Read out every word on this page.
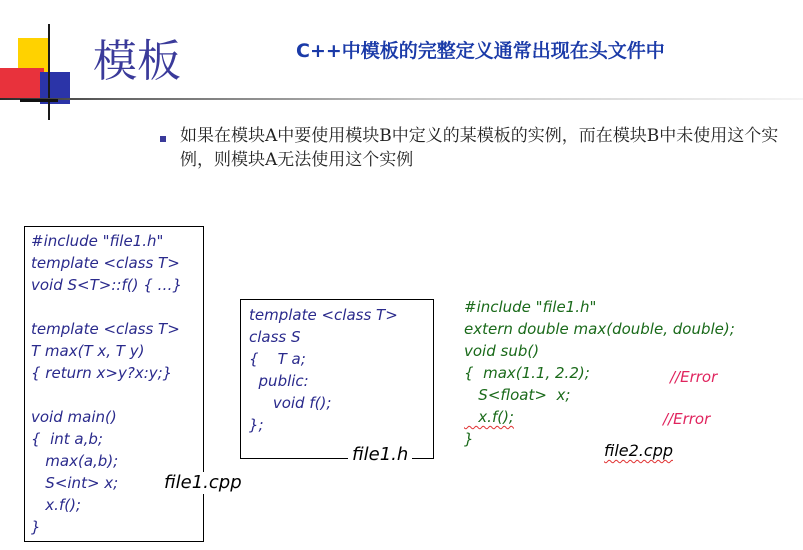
模板	C++中模板的完整定义通常出现在头文件中
如果在模块A中要使用模块B中定义的某模板的实例，而在模块B中未使用这个实例，则模块A无法使用这个实例
#include "file1.h"
template <class T>
void S<T>::f() { …}

template <class T>
T max(T x, T y)
{ return x>y?x:y;}

void main()
{  int a,b;
max(a,b);
S<int> x;
x.f();
}
file1.cpp
template <class T>
class S
{    T a;
public:
void f();
};
file1.h
#include "file1.h"
extern double max(double, double);
void sub()
{  max(1.1, 2.2);
S<float>  x;
x.f();
}
//Error
//Error
file2.cpp
